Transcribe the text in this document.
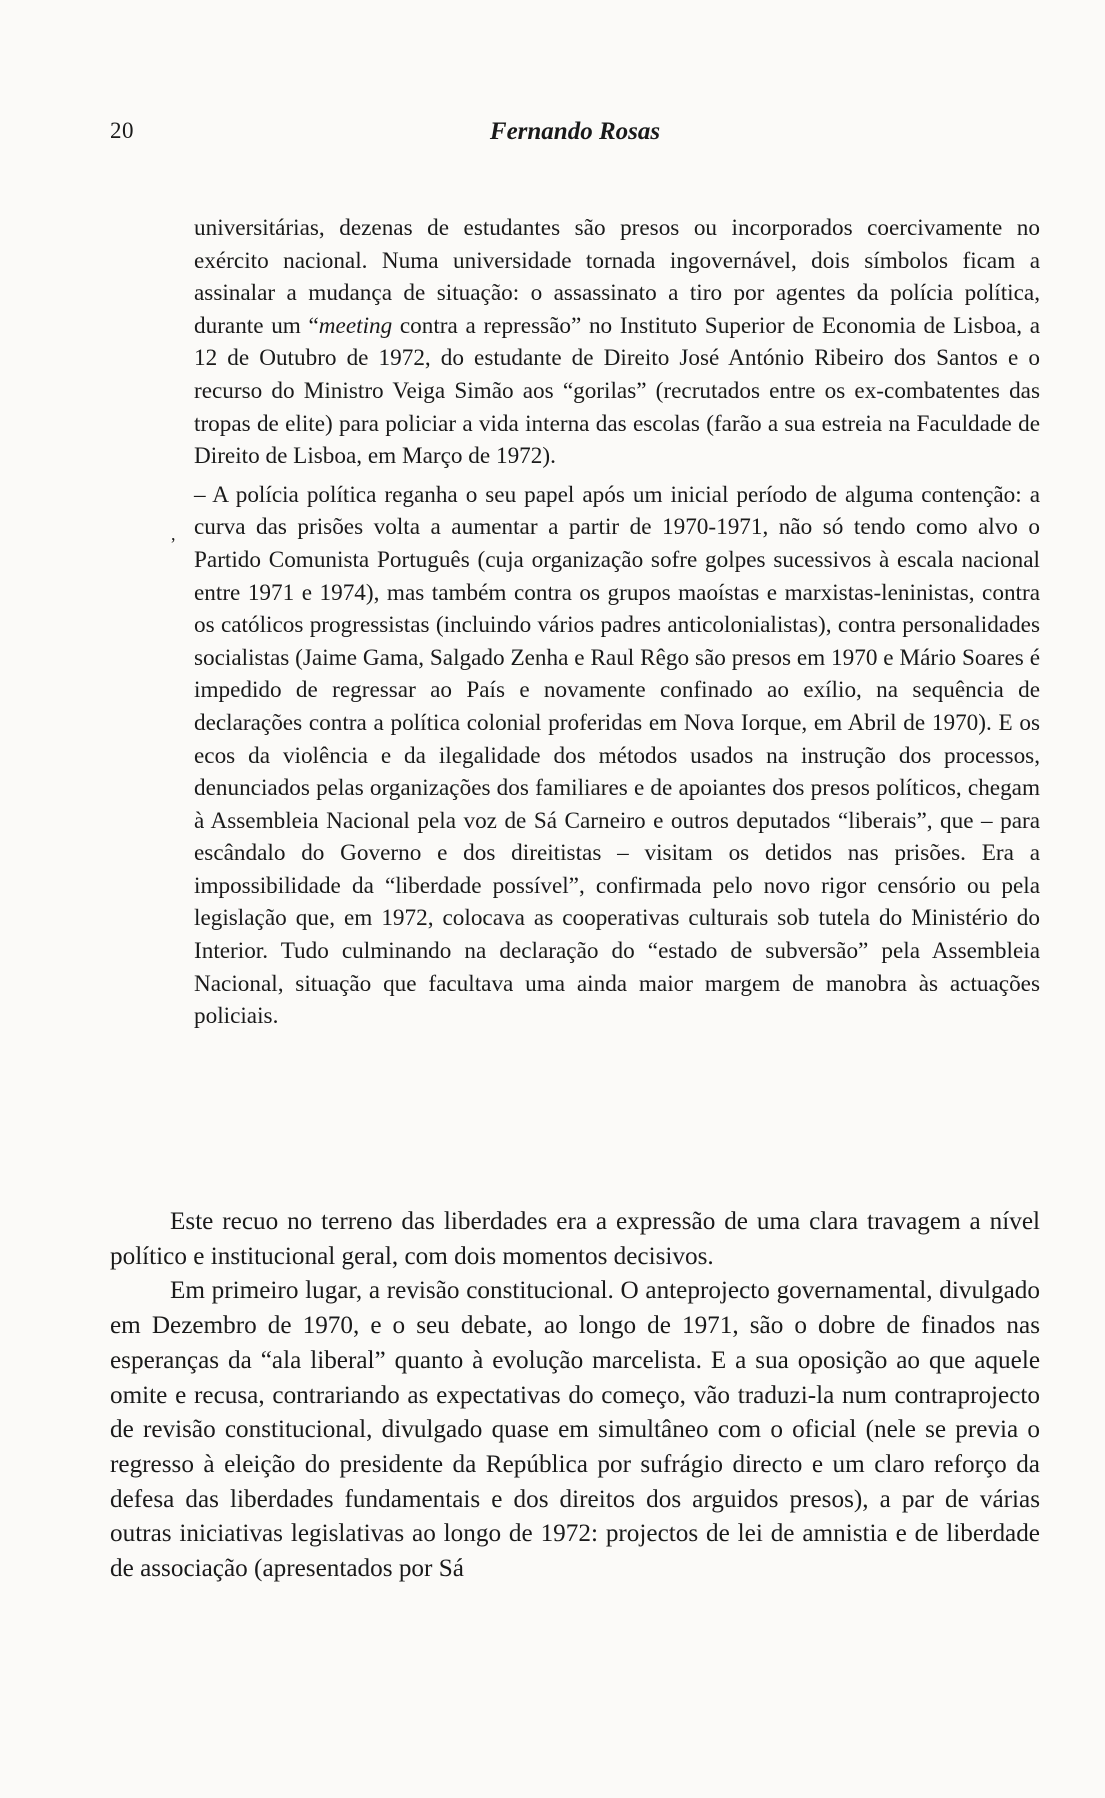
20	Fernando Rosas
,

universitárias, dezenas de estudantes são presos ou incorporados coercivamente no exército nacional. Numa universidade tornada ingovernável, dois símbolos ficam a assinalar a mudança de situação: o assassinato a tiro por agentes da polícia política, durante um “meeting contra a repressão” no Instituto Superior de Economia de Lisboa, a 12 de Outubro de 1972, do estudante de Direito José António Ribeiro dos Santos e o recurso do Ministro Veiga Simão aos “gorilas” (recrutados entre os ex-combatentes das tropas de elite) para policiar a vida interna das escolas (farão a sua estreia na Faculdade de Direito de Lisboa, em Março de 1972).

– A polícia política reganha o seu papel após um inicial período de alguma contenção: a curva das prisões volta a aumentar a partir de 1970-1971, não só tendo como alvo o Partido Comunista Português (cuja organização sofre golpes sucessivos à escala nacional entre 1971 e 1974), mas também contra os grupos maoístas e marxistas-leninistas, contra os católicos progressistas (incluindo vários padres anticolonialistas), contra personalidades socialistas (Jaime Gama, Salgado Zenha e Raul Rêgo são presos em 1970 e Mário Soares é impedido de regressar ao País e novamente confinado ao exílio, na sequência de declarações contra a política colonial proferidas em Nova Iorque, em Abril de 1970). E os ecos da violência e da ilegalidade dos métodos usados na instrução dos processos, denunciados pelas organizações dos familiares e de apoiantes dos presos políticos, chegam à Assembleia Nacional pela voz de Sá Carneiro e outros deputados “liberais”, que – para escândalo do Governo e dos direitistas – visitam os detidos nas prisões. Era a impossibilidade da “liberdade possível”, confirmada pelo novo rigor censório ou pela legislação que, em 1972, colocava as cooperativas culturais sob tutela do Ministério do Interior. Tudo culminando na declaração do “estado de subversão” pela Assembleia Nacional, situação que facultava uma ainda maior margem de manobra às actuações policiais.

Este recuo no terreno das liberdades era a expressão de uma clara travagem a nível político e institucional geral, com dois momentos decisivos.

Em primeiro lugar, a revisão constitucional. O anteprojecto governamental, divulgado em Dezembro de 1970, e o seu debate, ao longo de 1971, são o dobre de finados nas esperanças da “ala liberal” quanto à evolução marcelista. E a sua oposição ao que aquele omite e recusa, contrariando as expectativas do começo, vão traduzi-la num contraprojecto de revisão constitucional, divulgado quase em simultâneo com o oficial (nele se previa o regresso à eleição do presidente da República por sufrágio directo e um claro reforço da defesa das liberdades fundamentais e dos direitos dos arguidos presos), a par de várias outras iniciativas legislativas ao longo de 1972: projectos de lei de amnistia e de liberdade de associação (apresentados por Sá
